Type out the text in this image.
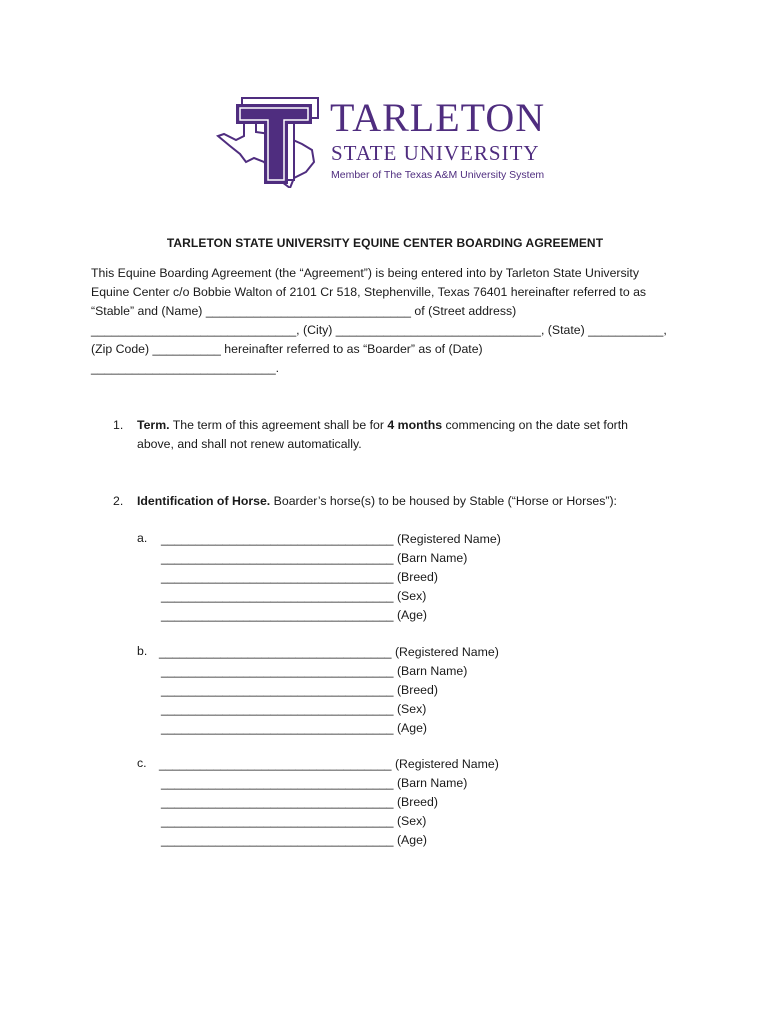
TARLETON
STATE UNIVERSITY
Member of The Texas A&M University System
TARLETON STATE UNIVERSITY EQUINE CENTER BOARDING AGREEMENT
This Equine Boarding Agreement (the “Agreement”) is being entered into by Tarleton State University
Equine Center c/o Bobbie Walton of 2101 Cr 518, Stephenville, Texas 76401 hereinafter referred to as
“Stable” and (Name) ______________________________ of (Street address)
______________________________, (City) ______________________________, (State) ___________,
(Zip Code) __________ hereinafter referred to as “Boarder” as of (Date)
___________________________.
1. Term. The term of this agreement shall be for 4 months commencing on the date set forth
above, and shall not renew automatically.
2. Identification of Horse. Boarder’s horse(s) to be housed by Stable (“Horse or Horses”):
a. __________________________________ (Registered Name)
__________________________________ (Barn Name)
__________________________________ (Breed)
__________________________________ (Sex)
__________________________________ (Age)
b. __________________________________ (Registered Name)
__________________________________ (Barn Name)
__________________________________ (Breed)
__________________________________ (Sex)
__________________________________ (Age)
c. __________________________________ (Registered Name)
__________________________________ (Barn Name)
__________________________________ (Breed)
__________________________________ (Sex)
__________________________________ (Age)
